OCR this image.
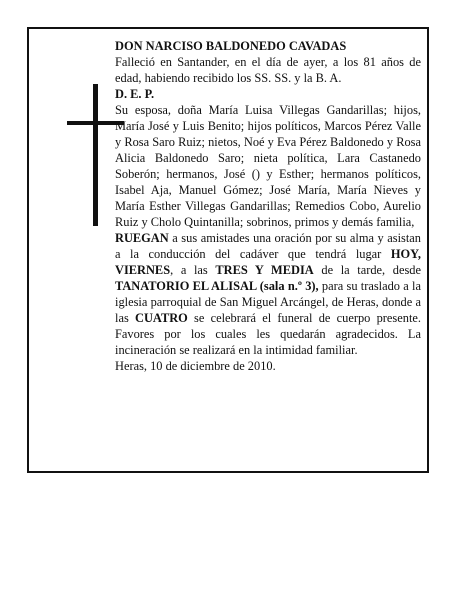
DON NARCISO BALDONEDO CAVADAS

Falleció en Santander, en el día de ayer, a los 81 años de edad, habiendo recibido los SS. SS. y la B. A.

D. E. P.

Su esposa, doña María Luisa Villegas Gandarillas; hijos, María José y Luis Benito; hijos políticos, Marcos Pérez Valle y Rosa Saro Ruiz; nietos, Noé y Eva Pérez Baldonedo y Rosa Alicia Baldonedo Saro; nieta política, Lara Castanedo Soberón; hermanos, José () y Esther; hermanos políticos, Isabel Aja, Manuel Gómez; José María, María Nieves y María Esther Villegas Gandarillas; Remedios Cobo, Aurelio Ruiz y Cholo Quintanilla; sobrinos, primos y demás familia,

RUEGAN a sus amistades una oración por su alma y asistan a la conducción del cadáver que tendrá lugar HOY, VIERNES, a las TRES Y MEDIA de la tarde, desde TANATORIO EL ALISAL (sala n.º 3), para su traslado a la iglesia parroquial de San Miguel Arcángel, de Heras, donde a las CUATRO se celebrará el funeral de cuerpo presente. Favores por los cuales les quedarán agradecidos. La incineración se realizará en la intimidad familiar.

Heras, 10 de diciembre de 2010.
